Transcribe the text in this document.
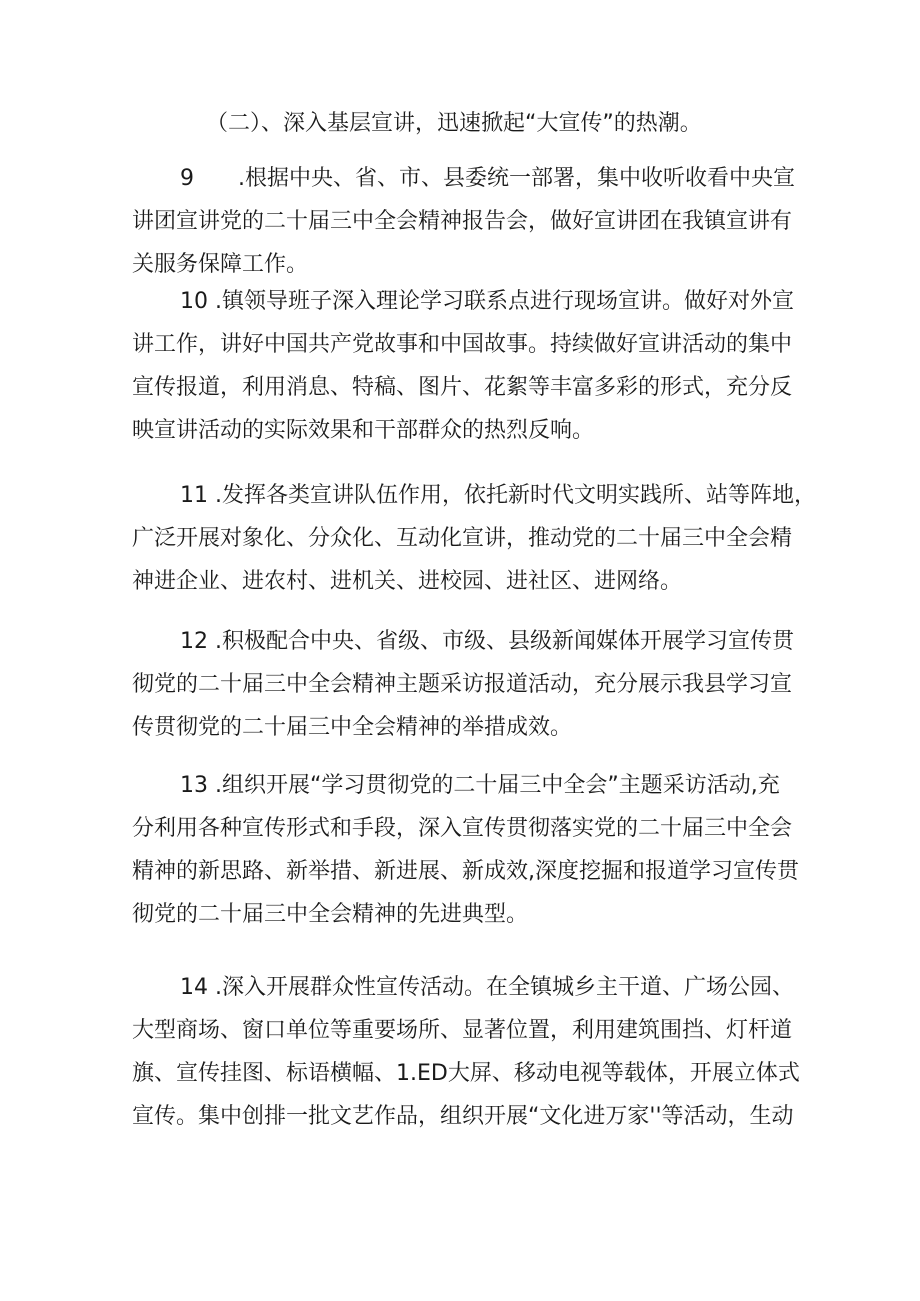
（二）、深入基层宣讲，迅速掀起“大宣传”的热潮。
9 .根据中央、省、市、县委统一部署，集中收听收看中央宣
讲团宣讲党的二十届三中全会精神报告会，做好宣讲团在我镇宣讲有
关服务保障工作。
10 .镇领导班子深入理论学习联系点进行现场宣讲。做好对外宣
讲工作，讲好中国共产党故事和中国故事。持续做好宣讲活动的集中
宣传报道，利用消息、特稿、图片、花絮等丰富多彩的形式，充分反
映宣讲活动的实际效果和干部群众的热烈反响。
11 .发挥各类宣讲队伍作用，依托新时代文明实践所、站等阵地，
广泛开展对象化、分众化、互动化宣讲，推动党的二十届三中全会精
神进企业、进农村、进机关、进校园、进社区、进网络。
12 .积极配合中央、省级、市级、县级新闻媒体开展学习宣传贯
彻党的二十届三中全会精神主题采访报道活动，充分展示我县学习宣
传贯彻党的二十届三中全会精神的举措成效。
13 .组织开展“学习贯彻党的二十届三中全会”主题采访活动,充
分利用各种宣传形式和手段，深入宣传贯彻落实党的二十届三中全会
精神的新思路、新举措、新进展、新成效,深度挖掘和报道学习宣传贯
彻党的二十届三中全会精神的先进典型。
14 .深入开展群众性宣传活动。在全镇城乡主干道、广场公园、
大型商场、窗口单位等重要场所、显著位置，利用建筑围挡、灯杆道
旗、宣传挂图、标语横幅、1.ED大屏、移动电视等载体，开展立体式
宣传。集中创排一批文艺作品，组织开展“文化进万家''等活动，生动
